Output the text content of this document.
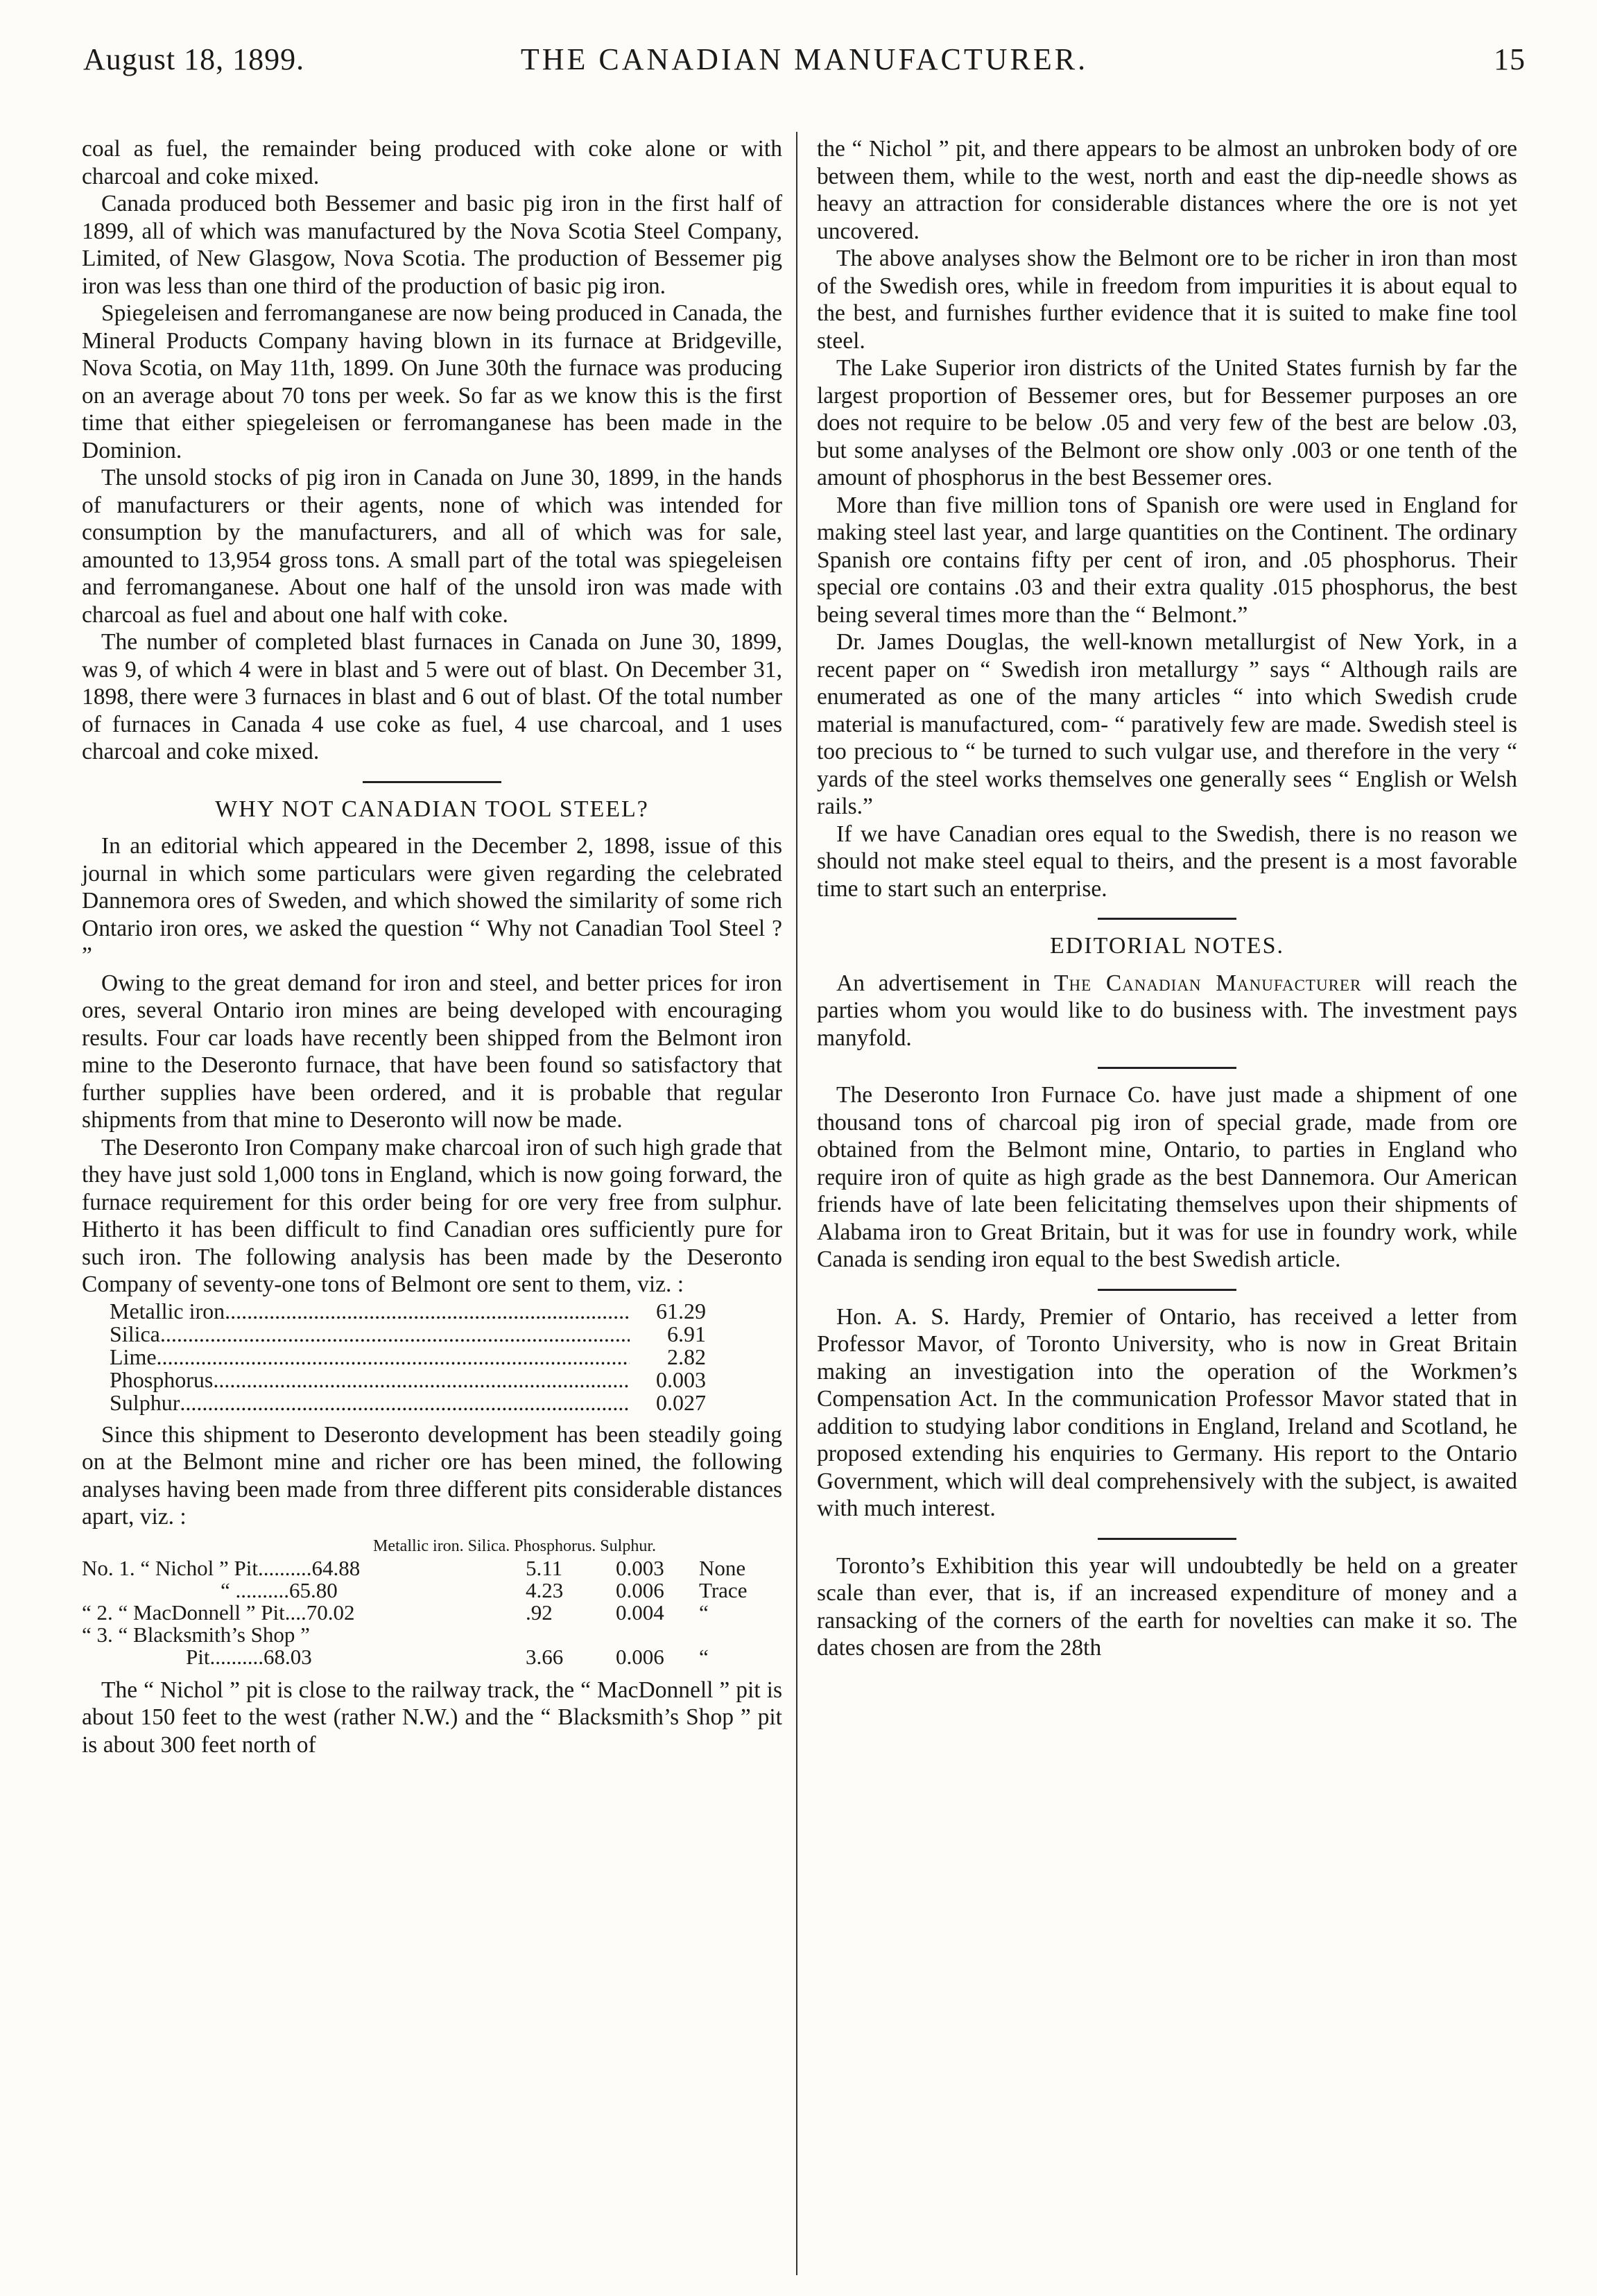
August 18, 1899.	THE CANADIAN MANUFACTURER.	15

coal as fuel, the remainder being produced with coke alone or with charcoal and coke mixed.

Canada produced both Bessemer and basic pig iron in the first half of 1899, all of which was manufactured by the Nova Scotia Steel Company, Limited, of New Glasgow, Nova Scotia. The production of Bessemer pig iron was less than one third of the production of basic pig iron.

Spiegeleisen and ferromanganese are now being produced in Canada, the Mineral Products Company having blown in its furnace at Bridgeville, Nova Scotia, on May 11th, 1899. On June 30th the furnace was producing on an average about 70 tons per week. So far as we know this is the first time that either spiegeleisen or ferromanganese has been made in the Dominion.

The unsold stocks of pig iron in Canada on June 30, 1899, in the hands of manufacturers or their agents, none of which was intended for consumption by the manufacturers, and all of which was for sale, amounted to 13,954 gross tons. A small part of the total was spiegeleisen and ferromanganese. About one half of the unsold iron was made with charcoal as fuel and about one half with coke.

The number of completed blast furnaces in Canada on June 30, 1899, was 9, of which 4 were in blast and 5 were out of blast. On December 31, 1898, there were 3 furnaces in blast and 6 out of blast. Of the total number of furnaces in Canada 4 use coke as fuel, 4 use charcoal, and 1 uses charcoal and coke mixed.

WHY NOT CANADIAN TOOL STEEL?

In an editorial which appeared in the December 2, 1898, issue of this journal in which some particulars were given regarding the celebrated Dannemora ores of Sweden, and which showed the similarity of some rich Ontario iron ores, we asked the question “ Why not Canadian Tool Steel ? ”

Owing to the great demand for iron and steel, and better prices for iron ores, several Ontario iron mines are being developed with encouraging results. Four car loads have recently been shipped from the Belmont iron mine to the Deseronto furnace, that have been found so satisfactory that further supplies have been ordered, and it is probable that regular shipments from that mine to Deseronto will now be made.

The Deseronto Iron Company make charcoal iron of such high grade that they have just sold 1,000 tons in England, which is now going forward, the furnace requirement for this order being for ore very free from sulphur. Hitherto it has been difficult to find Canadian ores sufficiently pure for such iron. The following analysis has been made by the Deseronto Company of seventy-one tons of Belmont ore sent to them, viz. :

Metallic iron .....	61.29
Silica .....	6.91
Lime .....	2.82
Phosphorus .....	0.003
Sulphur .....	0.027

Since this shipment to Deseronto development has been steadily going on at the Belmont mine and richer ore has been mined, the following analyses having been made from three different pits considerable distances apart, viz. :

Metallic iron. Silica. Phosphorus. Sulphur.
No. 1. “ Nichol ” Pit..........64.88	5.11 0.003 None
“ ..........65.80	4.23 0.006 Trace
“ 2. “ MacDonnell ” Pit....70.02	.92	0.004 “
“ 3. “ Blacksmith’s Shop ”
Pit..........68.03	3.66 0.006 “

The “ Nichol ” pit is close to the railway track, the “ MacDonnell ” pit is about 150 feet to the west (rather N.W.) and the “ Blacksmith’s Shop ” pit is about 300 feet north of

the “ Nichol ” pit, and there appears to be almost an unbroken body of ore between them, while to the west, north and east the dip-needle shows as heavy an attraction for considerable distances where the ore is not yet uncovered.

The above analyses show the Belmont ore to be richer in iron than most of the Swedish ores, while in freedom from impurities it is about equal to the best, and furnishes further evidence that it is suited to make fine tool steel.

The Lake Superior iron districts of the United States furnish by far the largest proportion of Bessemer ores, but for Bessemer purposes an ore does not require to be below .05 and very few of the best are below .03, but some analyses of the Belmont ore show only .003 or one tenth of the amount of phosphorus in the best Bessemer ores.

More than five million tons of Spanish ore were used in England for making steel last year, and large quantities on the Continent. The ordinary Spanish ore contains fifty per cent of iron, and .05 phosphorus. Their special ore contains .03 and their extra quality .015 phosphorus, the best being several times more than the “ Belmont.”

Dr. James Douglas, the well-known metallurgist of New York, in a recent paper on “ Swedish iron metallurgy ” says “ Although rails are enumerated as one of the many articles “ into which Swedish crude material is manufactured, com- “ paratively few are made. Swedish steel is too precious to “ be turned to such vulgar use, and therefore in the very “ yards of the steel works themselves one generally sees “ English or Welsh rails.”

If we have Canadian ores equal to the Swedish, there is no reason we should not make steel equal to theirs, and the present is a most favorable time to start such an enterprise.

EDITORIAL NOTES.

An advertisement in The Canadian Manufacturer will reach the parties whom you would like to do business with. The investment pays manyfold.

The Deseronto Iron Furnace Co. have just made a shipment of one thousand tons of charcoal pig iron of special grade, made from ore obtained from the Belmont mine, Ontario, to parties in England who require iron of quite as high grade as the best Dannemora. Our American friends have of late been felicitating themselves upon their shipments of Alabama iron to Great Britain, but it was for use in foundry work, while Canada is sending iron equal to the best Swedish article.

Hon. A. S. Hardy, Premier of Ontario, has received a letter from Professor Mavor, of Toronto University, who is now in Great Britain making an investigation into the operation of the Workmen’s Compensation Act. In the communication Professor Mavor stated that in addition to studying labor conditions in England, Ireland and Scotland, he proposed extending his enquiries to Germany. His report to the Ontario Government, which will deal comprehensively with the subject, is awaited with much interest.

Toronto’s Exhibition this year will undoubtedly be held on a greater scale than ever, that is, if an increased expenditure of money and a ransacking of the corners of the earth for novelties can make it so. The dates chosen are from the 28th
